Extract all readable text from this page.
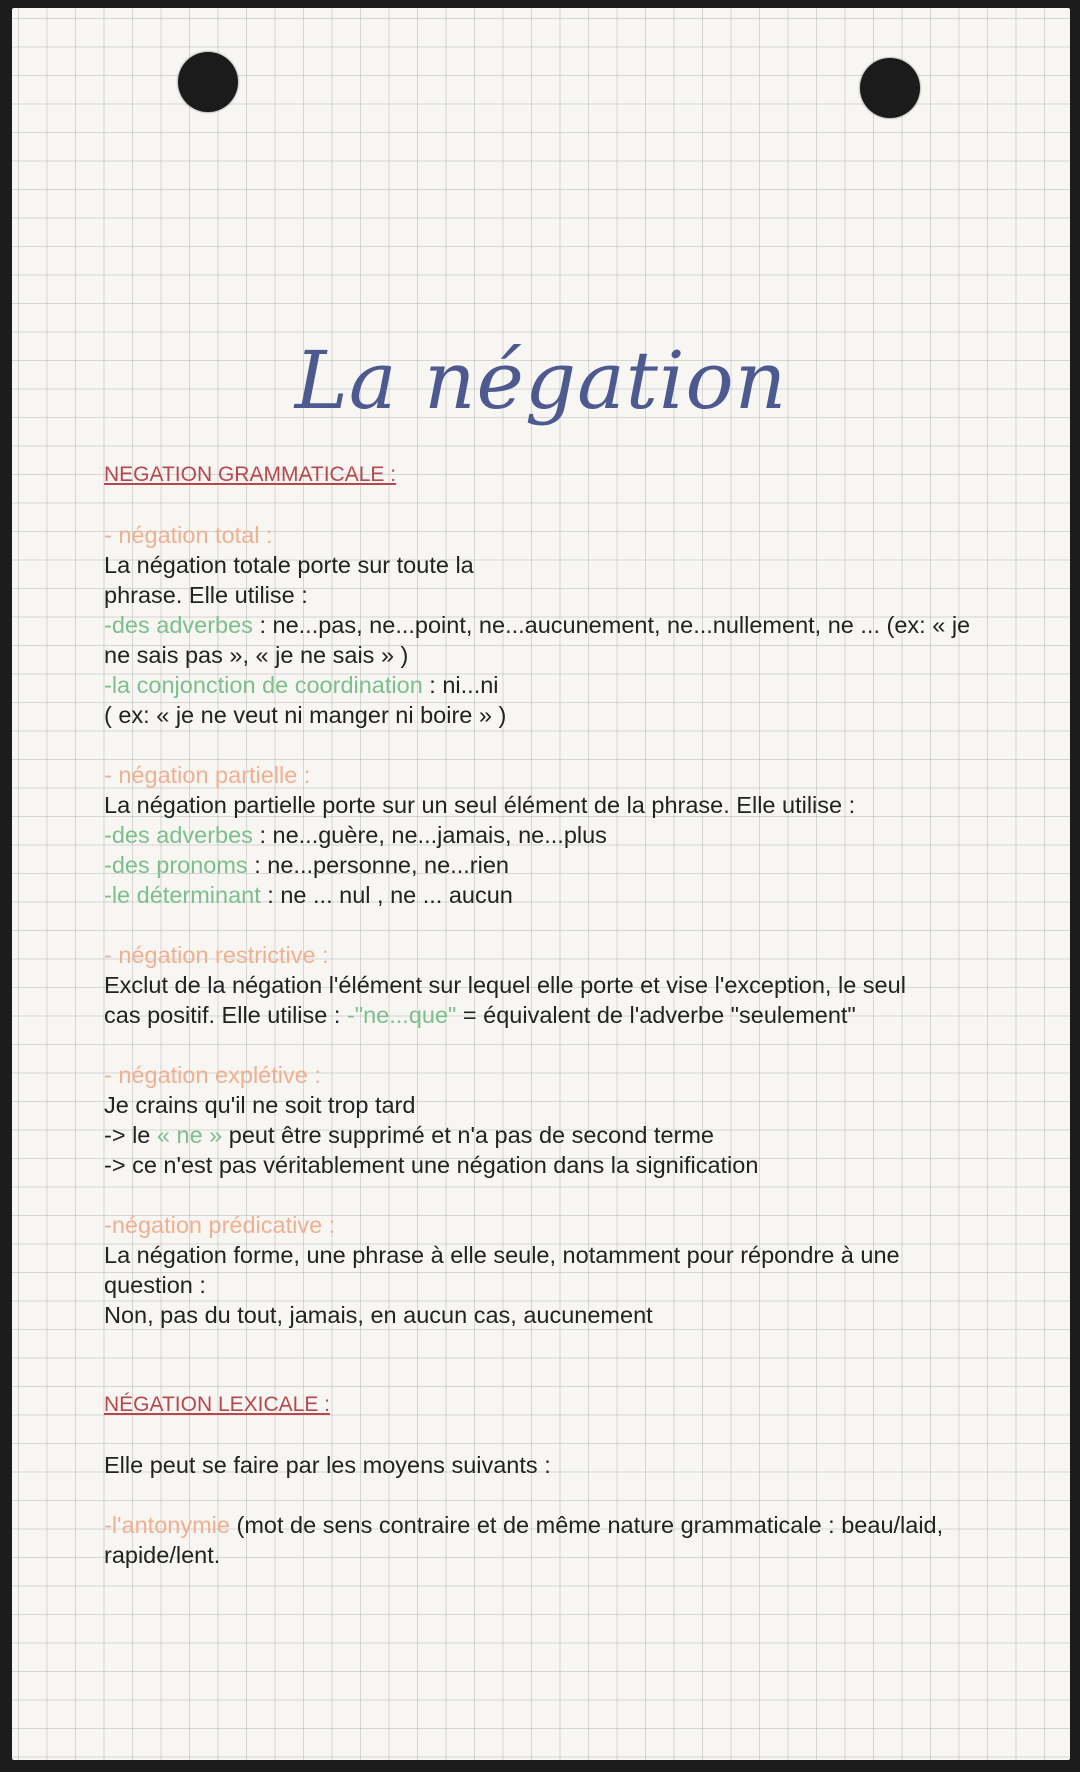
La négation
NEGATION GRAMMATICALE :

- négation total :

La négation totale porte sur toute la phrase. Elle utilise :

-des adverbes : ne...pas, ne...point, ne...aucunement, ne...nullement, ne ... (ex: « je ne sais pas », « je ne sais » )

-la conjonction de coordination : ni...ni

( ex: « je ne veut ni manger ni boire » )

- négation partielle :

La négation partielle porte sur un seul élément de la phrase. Elle utilise :

-des adverbes : ne...guère, ne...jamais, ne...plus

-des pronoms : ne...personne, ne...rien

-le déterminant : ne ... nul , ne ... aucun

- négation restrictive :

Exclut de la négation l'élément sur lequel elle porte et vise l'exception, le seul cas positif. Elle utilise : -"ne...que" = équivalent de l'adverbe "seulement"

- négation explétive :

Je crains qu'il ne soit trop tard

-> le « ne » peut être supprimé et n'a pas de second terme

-> ce n'est pas véritablement une négation dans la signification

-négation prédicative :

La négation forme, une phrase à elle seule, notamment pour répondre à une question :

Non, pas du tout, jamais, en aucun cas, aucunement

NÉGATION LEXICALE :

Elle peut se faire par les moyens suivants :

-l'antonymie (mot de sens contraire et de même nature grammaticale : beau/laid, rapide/lent.
